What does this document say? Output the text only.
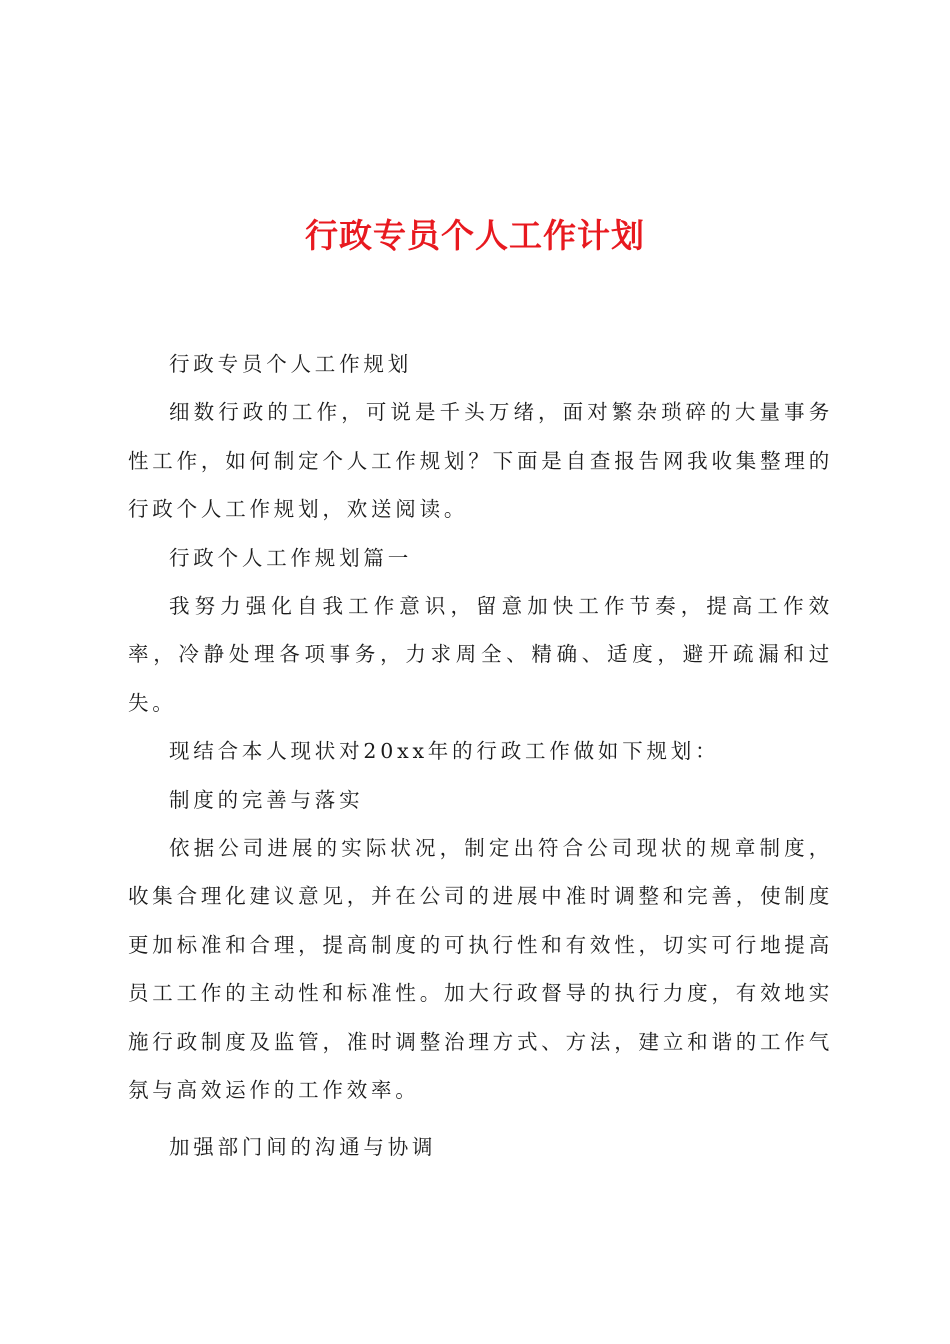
行政专员个人工作计划

行政专员个人工作规划

细数行政的工作，可说是千头万绪，面对繁杂琐碎的大量事务性工作，如何制定个人工作规划？下面是自查报告网我收集整理的行政个人工作规划，欢送阅读。

行政个人工作规划篇一

我努力强化自我工作意识，留意加快工作节奏，提高工作效率，冷静处理各项事务，力求周全、精确、适度，避开疏漏和过失。

现结合本人现状对20xx年的行政工作做如下规划：

制度的完善与落实

依据公司进展的实际状况，制定出符合公司现状的规章制度，收集合理化建议意见，并在公司的进展中准时调整和完善，使制度更加标准和合理，提高制度的可执行性和有效性，切实可行地提高员工工作的主动性和标准性。加大行政督导的执行力度，有效地实施行政制度及监管，准时调整治理方式、方法，建立和谐的工作气氛与高效运作的工作效率。

加强部门间的沟通与协调
